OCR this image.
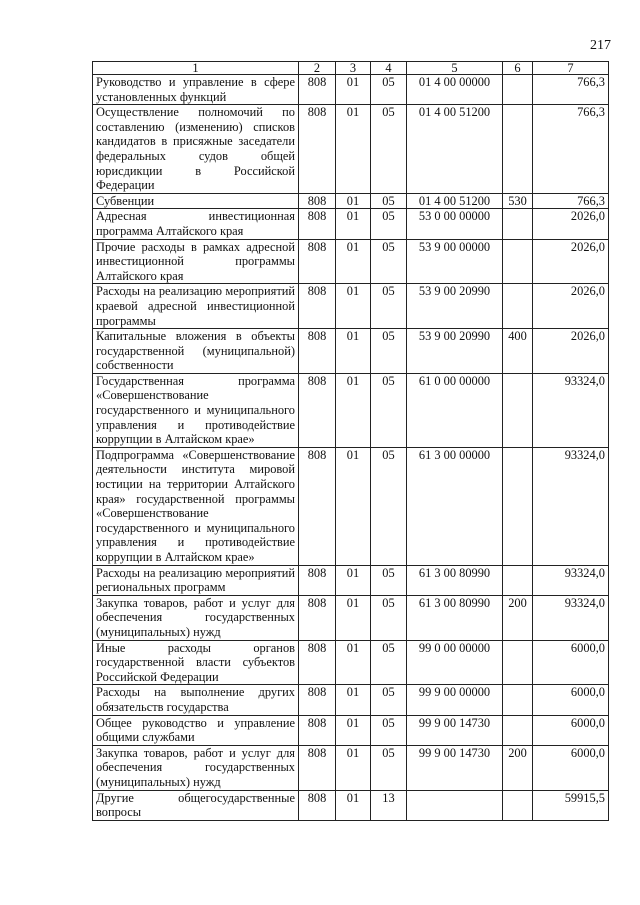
217
1	2	3	4	5	6	7
Руководство и управление в сфере установленных функций	808	01	05	01 4 00 00000		766,3
Осуществление полномочий по составлению (изменению) списков кандидатов в присяжные заседатели федеральных судов общей юрисдикции в Российской Федерации	808	01	05	01 4 00 51200		766,3
Субвенции	808	01	05	01 4 00 51200	530	766,3
Адресная инвестиционная программа Алтайского края	808	01	05	53 0 00 00000		2026,0
Прочие расходы в рамках адресной инвестиционной программы Алтайского края	808	01	05	53 9 00 00000		2026,0
Расходы на реализацию мероприятий краевой адресной инвестиционной программы	808	01	05	53 9 00 20990		2026,0
Капитальные вложения в объекты государственной (муниципальной) собственности	808	01	05	53 9 00 20990	400	2026,0
Государственная программа «Совершенствование государственного и муниципального управления и противодействие коррупции в Алтайском крае»	808	01	05	61 0 00 00000		93324,0
Подпрограмма «Совершенствование деятельности института мировой юстиции на территории Алтайского края» государственной программы «Совершенствование государственного и муниципального управления и противодействие коррупции в Алтайском крае»	808	01	05	61 3 00 00000		93324,0
Расходы на реализацию мероприятий региональных программ	808	01	05	61 3 00 80990		93324,0
Закупка товаров, работ и услуг для обеспечения государственных (муниципальных) нужд	808	01	05	61 3 00 80990	200	93324,0
Иные расходы органов государственной власти субъектов Российской Федерации	808	01	05	99 0 00 00000		6000,0
Расходы на выполнение других обязательств государства	808	01	05	99 9 00 00000		6000,0
Общее руководство и управление общими службами	808	01	05	99 9 00 14730		6000,0
Закупка товаров, работ и услуг для обеспечения государственных (муниципальных) нужд	808	01	05	99 9 00 14730	200	6000,0
Другие общегосударственные вопросы	808	01	13			59915,5
